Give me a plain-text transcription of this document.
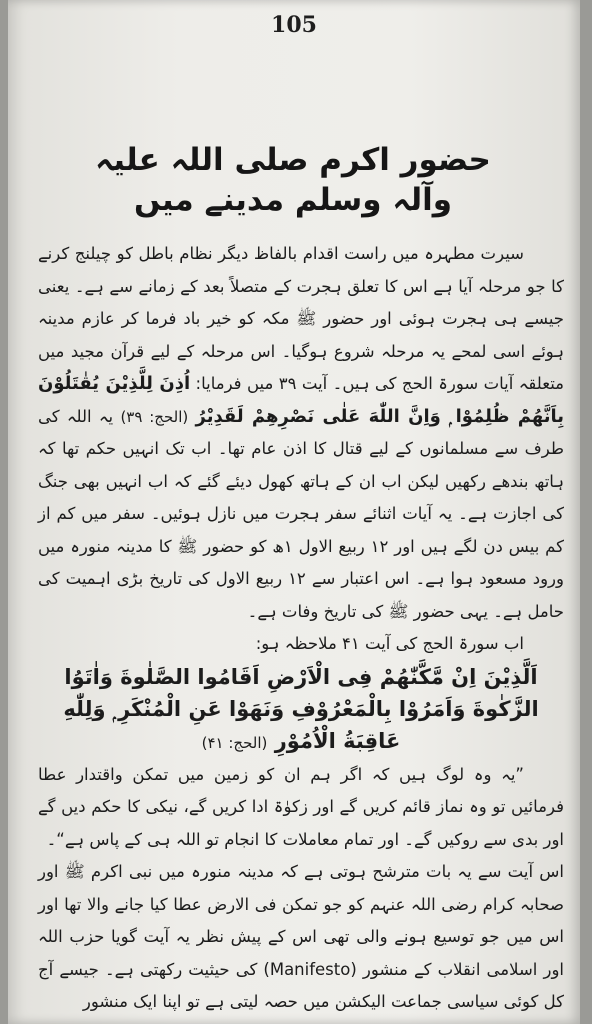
105
حضور اکرم صلی اللہ علیہ وآلہ وسلم مدینے میں

سیرت مطہرہ میں راست اقدام بالفاظ دیگر نظام باطل کو چیلنج کرنے کا جو مرحلہ آیا ہے اس کا تعلق ہجرت کے متصلاً بعد کے زمانے سے ہے۔ یعنی جیسے ہی ہجرت ہوئی اور حضور ﷺ مکہ کو خیر باد فرما کر عازم مدینہ ہوئے اسی لمحے یہ مرحلہ شروع ہوگیا۔ اس مرحلہ کے لیے قرآن مجید میں متعلقہ آیات سورۃ الحج کی ہیں۔ آیت ۳۹ میں فرمایا: اُذِنَ لِلَّذِیْنَ یُقٰتَلُوْنَ بِاَنَّهُمْ ظُلِمُوْا ۭ وَاِنَّ اللّٰهَ عَلٰی نَصْرِهِمْ لَقَدِیْرُ (الحج: ۳۹) یہ اللہ کی طرف سے مسلمانوں کے لیے قتال کا اذن عام تھا۔ اب تک انہیں حکم تھا کہ ہاتھ بندھے رکھیں لیکن اب ان کے ہاتھ کھول دیئے گئے کہ اب انہیں بھی جنگ کی اجازت ہے۔ یہ آیات اثنائے سفر ہجرت میں نازل ہوئیں۔ سفر میں کم از کم بیس دن لگے ہیں اور ۱۲ ربیع الاول ۱ھ کو حضور ﷺ کا مدینہ منورہ میں ورود مسعود ہوا ہے۔ اس اعتبار سے ۱۲ ربیع الاول کی تاریخ بڑی اہمیت کی حامل ہے۔ یہی حضور ﷺ کی تاریخ وفات ہے۔

اب سورۃ الحج کی آیت ۴۱ ملاحظہ ہو:

اَلَّذِیْنَ اِنْ مَّكَّنّٰهُمْ فِی الْاَرْضِ اَقَامُوا الصَّلٰوةَ وَاٰتَوُا الزَّكٰوةَ وَاَمَرُوْا بِالْمَعْرُوْفِ وَنَهَوْا عَنِ الْمُنْكَرِ ۭ وَلِلّٰهِ عَاقِبَةُ الْاُمُوْرِ (الحج: ۴۱)

”یہ وہ لوگ ہیں کہ اگر ہم ان کو زمین میں تمکن واقتدار عطا فرمائیں تو وہ نماز قائم کریں گے اور زکوٰۃ ادا کریں گے، نیکی کا حکم دیں گے اور بدی سے روکیں گے۔ اور تمام معاملات کا انجام تو اللہ ہی کے پاس ہے“۔

اس آیت سے یہ بات مترشح ہوتی ہے کہ مدینہ منورہ میں نبی اکرم ﷺ اور صحابہ کرام رضی اللہ عنہم کو جو تمکن فی الارض عطا کیا جانے والا تھا اور اس میں جو توسیع ہونے والی تھی اس کے پیش نظر یہ آیت گویا حزب اللہ اور اسلامی انقلاب کے منشور (Manifesto) کی حیثیت رکھتی ہے۔ جیسے آج کل کوئی سیاسی جماعت الیکشن میں حصہ لیتی ہے تو اپنا ایک منشور
